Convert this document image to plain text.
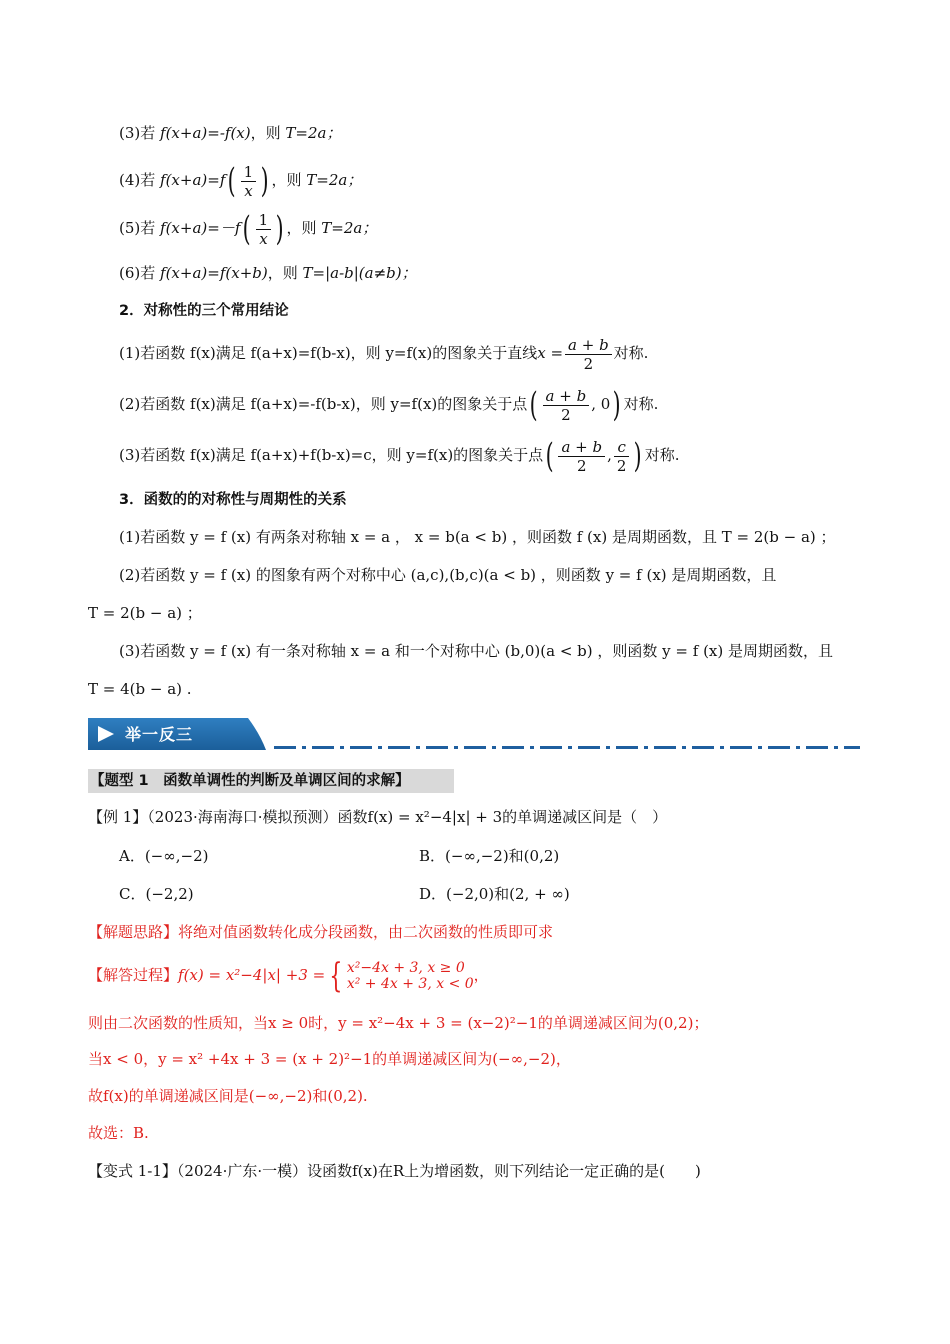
(3)若 f(x+a)=-f(x)，则 T=2a；
(4)若 $f(x+a)=f( \frac{1}{x}$ ) ，则 T=2a；
(5)若 $f(x+a)=-f( \frac{1}{x}$ ) ，则 T=2a；
(6)若 f(x+a)=f(x+b)，则 T=|a-b|(a≠b)；
2．对称性的三个常用结论
(1)若函数 f(x)满足 f(a+x)=f(b-x)，则 y=f(x)的图象关于直线$x = \frac{a + b}{2}$ 对称.
(2)若函数 f(x)满足 f(a+x)=-f(b-x)，则 y=f(x)的图象关于点( $\frac{a + b}{2}$ , 0) 对称.
(3)若函数 f(x)满足 f(a+x)+f(b-x)=c，则 y=f(x)的图象关于点( $\frac{a + b}{2}$ , $\frac{c}{2}$ ) 对称.
3．函数的的对称性与周期性的关系
(1)若函数 y = f (x) 有两条对称轴 x = a ， x = b(a < b) ，则函数 f (x) 是周期函数，且 T = 2(b − a) ；
(2)若函数 y = f (x) 的图象有两个对称中心 (a,c),(b,c)(a < b) ，则函数 y = f (x) 是周期函数，且
T = 2(b − a) ；
(3)若函数 y = f (x) 有一条对称轴 x = a 和一个对称中心 (b,0)(a < b) ，则函数 y = f (x) 是周期函数，且
T = 4(b − a) .
举一反三
【题型 1　函数单调性的判断及单调区间的求解】
【例 1】（2023·海南海口·模拟预测）函数f(x) = x²−4|x| + 3的单调递减区间是（　）
A．(−∞,−2)	B．(−∞,−2)和(0,2)
C．(−2,2)	D．(−2,0)和(2, + ∞)
【解题思路】将绝对值函数转化成分段函数，由二次函数的性质即可求
【解答过程】f(x) = x²−4|x| +3 = { x²−4x + 3, x ≥ 0
x² + 4x + 3, x < 0 ，
则由二次函数的性质知，当x ≥ 0时，y = x²−4x + 3 = (x−2)²−1的单调递减区间为(0,2)；
当x < 0，y = x² +4x + 3 = (x + 2)²−1的单调递减区间为(−∞,−2)，
故f(x)的单调递减区间是(−∞,−2)和(0,2).
故选：B.
【变式 1-1】（2024·广东·一模）设函数f(x)在R上为增函数，则下列结论一定正确的是(　　)
